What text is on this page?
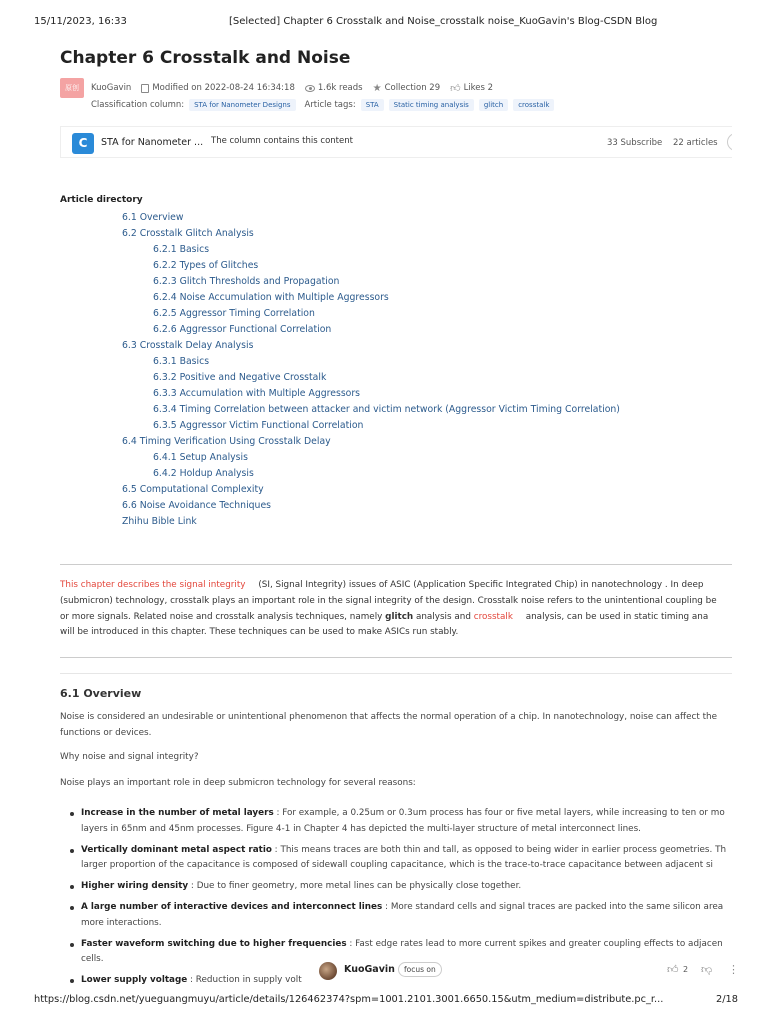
15/11/2023, 16:33	[Selected] Chapter 6 Crosstalk and Noise_crosstalk noise_KuoGavin's Blog-CSDN Blog
Chapter 6 Crosstalk and Noise
原创	KuoGavin Modified on 2022-08-24 16:34:18	1.6k reads ★ Collection 29 👍︎ Likes 2
Classification column:	STA for Nanometer Designs	Article tags:	STA	Static timing analysis	glitch	crosstalk
C	STA for Nanometer ... The column contains this content	33 Subscribe 22 articles
Article directory
6.1 Overview
6.2 Crosstalk Glitch Analysis
6.2.1 Basics
6.2.2 Types of Glitches
6.2.3 Glitch Thresholds and Propagation
6.2.4 Noise Accumulation with Multiple Aggressors
6.2.5 Aggressor Timing Correlation
6.2.6 Aggressor Functional Correlation
6.3 Crosstalk Delay Analysis
6.3.1 Basics
6.3.2 Positive and Negative Crosstalk
6.3.3 Accumulation with Multiple Aggressors
6.3.4 Timing Correlation between attacker and victim network (Aggressor Victim Timing Correlation)
6.3.5 Aggressor Victim Functional Correlation
6.4 Timing Verification Using Crosstalk Delay
6.4.1 Setup Analysis
6.4.2 Holdup Analysis
6.5 Computational Complexity
6.6 Noise Avoidance Techniques
Zhihu Bible Link
This chapter describes the signal integrity (SI, Signal Integrity) issues of ASIC (Application Specific Integrated Chip) in nanotechnology . In deep
(submicron) technology, crosstalk plays an important role in the signal integrity of the design. Crosstalk noise refers to the unintentional coupling be
or more signals. Related noise and crosstalk analysis techniques, namely glitch analysis and crosstalk analysis, can be used in static timing ana
will be introduced in this chapter. These techniques can be used to make ASICs run stably.
6.1 Overview
Noise is considered an undesirable or unintentional phenomenon that affects the normal operation of a chip. In nanotechnology, noise can affect the
functions or devices.
Why noise and signal integrity?
Noise plays an important role in deep submicron technology for several reasons:
Increase in the number of metal layers : For example, a 0.25um or 0.3um process has four or five metal layers, while increasing to ten or mo
layers in 65nm and 45nm processes. Figure 4-1 in Chapter 4 has depicted the multi-layer structure of metal interconnect lines.
Vertically dominant metal aspect ratio : This means traces are both thin and tall, as opposed to being wider in earlier process geometries. Th
larger proportion of the capacitance is composed of sidewall coupling capacitance, which is the trace-to-trace capacitance between adjacent si
Higher wiring density : Due to finer geometry, more metal lines can be physically close together.
A large number of interactive devices and interconnect lines : More standard cells and signal traces are packed into the same silicon area
more interactions.
Faster waveform switching due to higher frequencies : Fast edge rates lead to more current spikes and greater coupling effects to adjacen
cells.
Lower supply voltage : Reduction in supply volt
KuoGavin	focus on	👍︎ 2 👎︎ ⋮
https://blog.csdn.net/yueguangmuyu/article/details/126462374?spm=1001.2101.3001.6650.15&utm_medium=distribute.pc_r...	2/18
